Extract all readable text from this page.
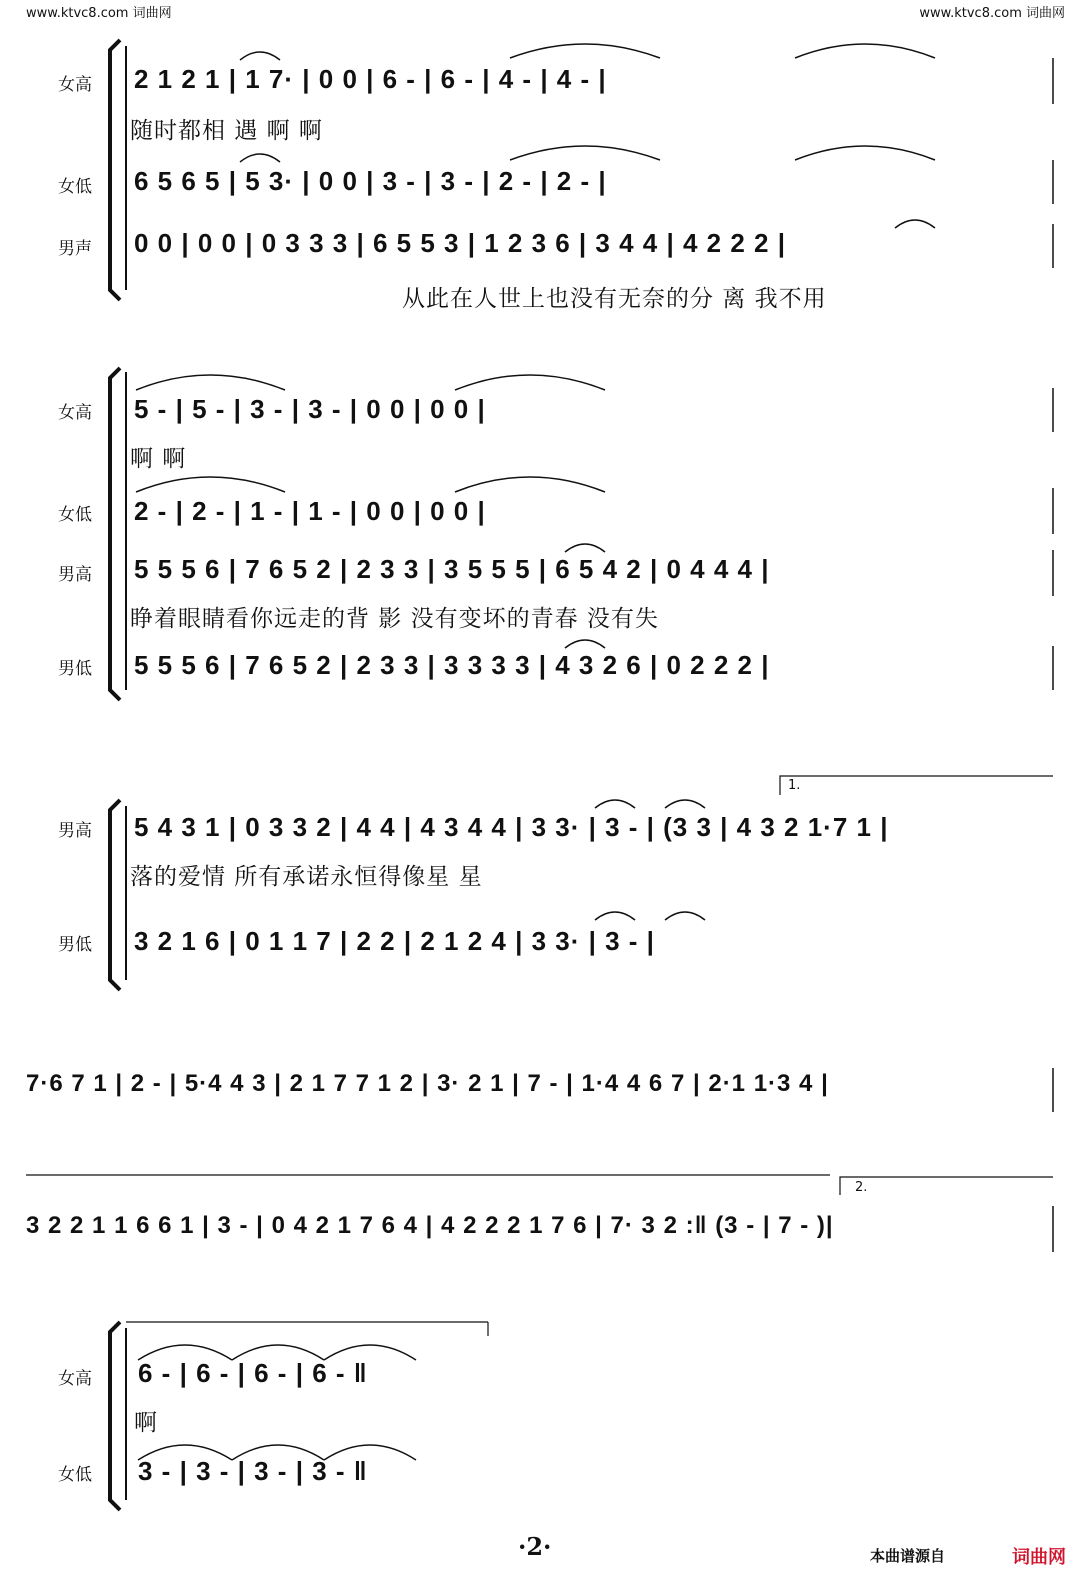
www.ktvc8.com 词曲网	www.ktvc8.com 词曲网
女高
女低
男声
2 1 2 1 | 1 7· | 0 0 | 6 - | 6 - | 4 - | 4 - |
随时都相 遇 啊 啊
6 5 6 5 | 5 3· | 0 0 | 3 - | 3 - | 2 - | 2 - |
0 0 | 0 0 | 0 3 3 3 | 6 5 5 3 | 1 2 3 6 | 3 4 4 | 4 2 2 2 |
从此在人世上也没有无奈的分 离 我不用
女高
女低
男高
男低
5 - | 5 - | 3 - | 3 - | 0 0 | 0 0 |
啊 啊
2 - | 2 - | 1 - | 1 - | 0 0 | 0 0 |
5 5 5 6 | 7 6 5 2 | 2 3 3 | 3 5 5 5 | 6 5 4 2 | 0 4 4 4 |
睁着眼睛看你远走的背 影 没有变坏的青春 没有失
5 5 5 6 | 7 6 5 2 | 2 3 3 | 3 3 3 3 | 4 3 2 6 | 0 2 2 2 |
男高
男低
1.
5 4 3 1 | 0 3 3 2 | 4 4 | 4 3 4 4 | 3 3· | 3 - | (3 3 | 4 3 2 1·7 1 |
落的爱情 所有承诺永恒得像星 星
3 2 1 6 | 0 1 1 7 | 2 2 | 2 1 2 4 | 3 3· | 3 - |
7·6 7 1 | 2 - | 5·4 4 3 | 2 1 7 7 1 2 | 3· 2 1 | 7 - | 1·4 4 6 7 | 2·1 1·3 4 |
2.
3 2 2 1 1 6 6 1 | 3 - | 0 4 2 1 7 6 4 | 4 2 2 2 1 7 6 | 7· 3 2 :‖ (3 - | 7 - )|
女高
女低
6 - | 6 - | 6 - | 6 - ‖
啊
3 - | 3 - | 3 - | 3 - ‖
·2·	本曲谱源自	词曲网
